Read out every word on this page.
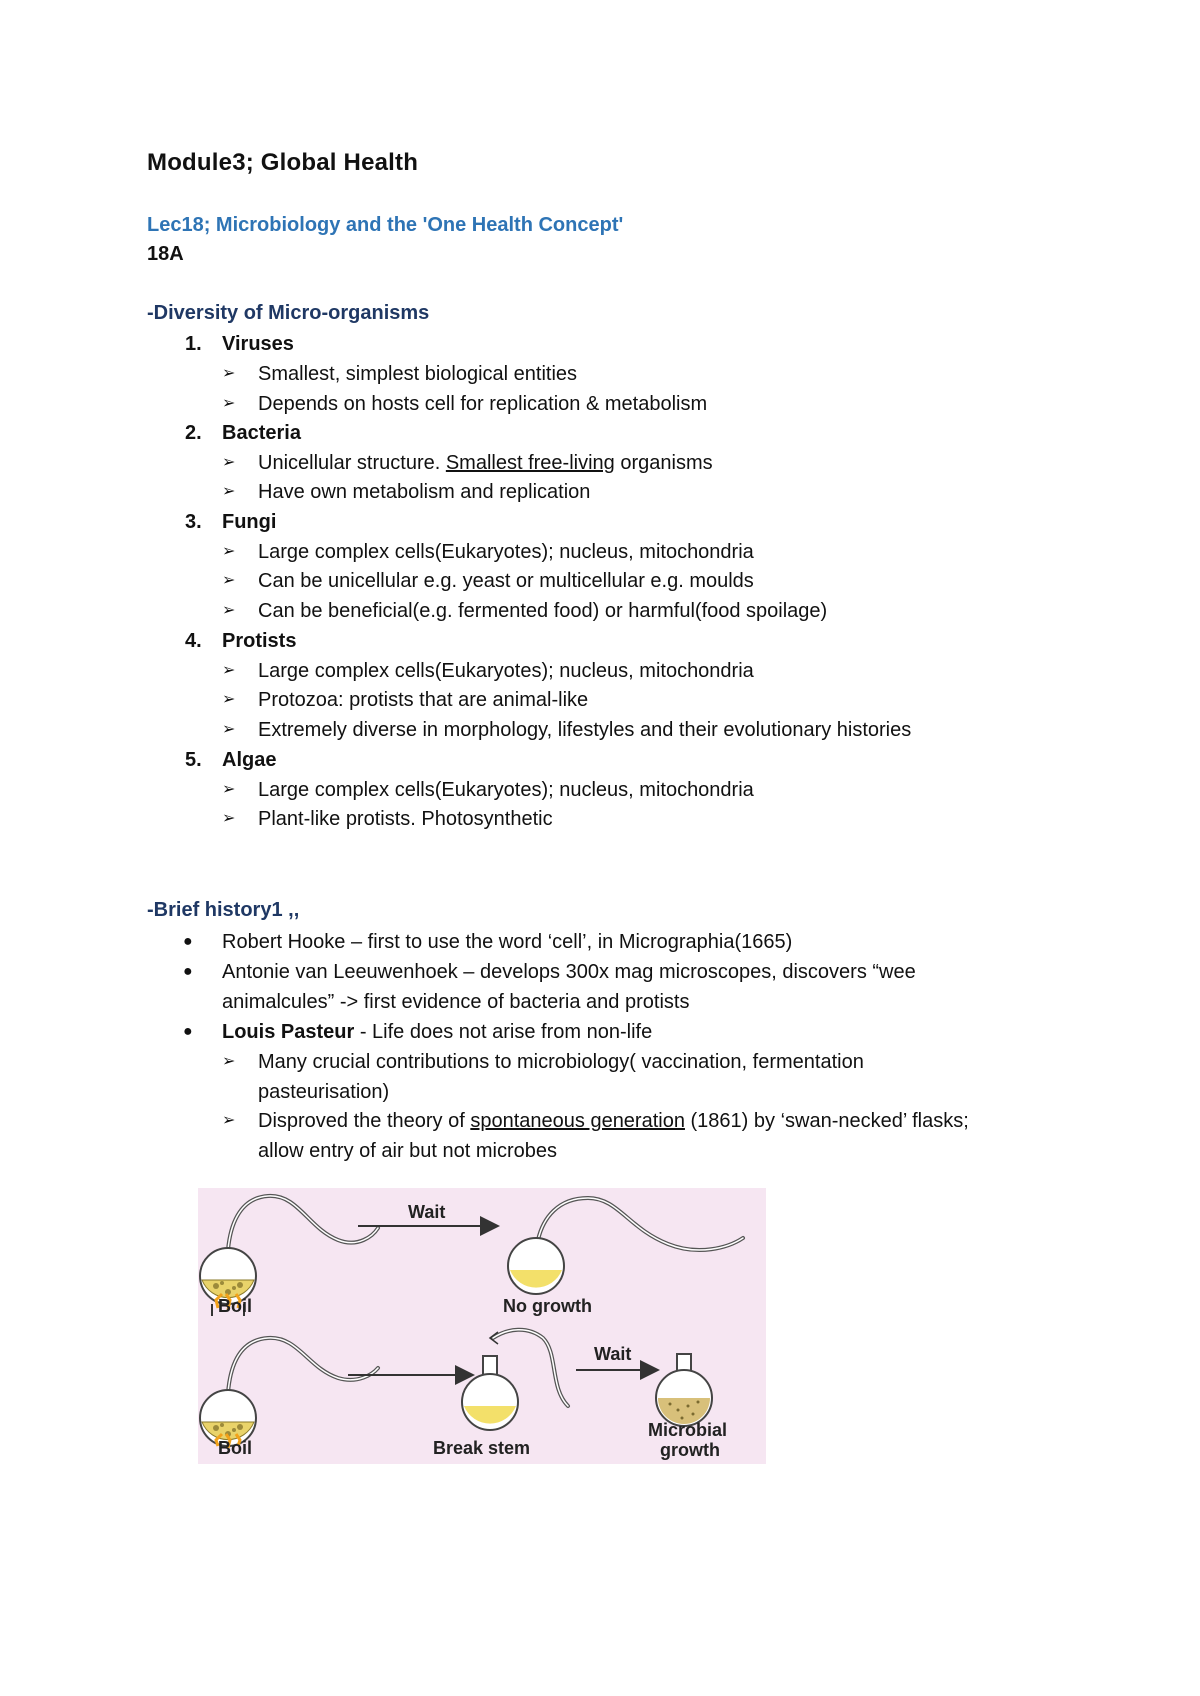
Module3; Global Health
Lec18; Microbiology and the 'One Health Concept'
18A
-Diversity of Micro-organisms
1.	Viruses
➢	Smallest, simplest biological entities
➢	Depends on hosts cell for replication & metabolism
2.	Bacteria
➢	Unicellular structure. Smallest free-living organisms
➢	Have own metabolism and replication
3.	Fungi
➢	Large complex cells(Eukaryotes); nucleus, mitochondria
➢	Can be unicellular e.g. yeast or multicellular e.g. moulds
➢	Can be beneficial(e.g. fermented food) or harmful(food spoilage)
4.	Protists
➢	Large complex cells(Eukaryotes); nucleus, mitochondria
➢	Protozoa: protists that are animal-like
➢	Extremely diverse in morphology, lifestyles and their evolutionary histories
5.	Algae
➢	Large complex cells(Eukaryotes); nucleus, mitochondria
➢	Plant-like protists. Photosynthetic
-Brief history1 ,,
● Robert Hooke – first to use the word ‘cell’, in Micrographia(1665)
● Antonie van Leeuwenhoek – develops 300x mag microscopes, discovers “wee
animalcules” -> first evidence of bacteria and protists
● Louis Pasteur - Life does not arise from non-life
➢	Many crucial contributions to microbiology( vaccination, fermentation
pasteurisation)
➢	Disproved the theory of spontaneous generation (1861) by ‘swan-necked’ flasks;
allow entry of air but not microbes
Boil
Wait
No growth
Boil	Break stem
Wait
Microbial
growth
